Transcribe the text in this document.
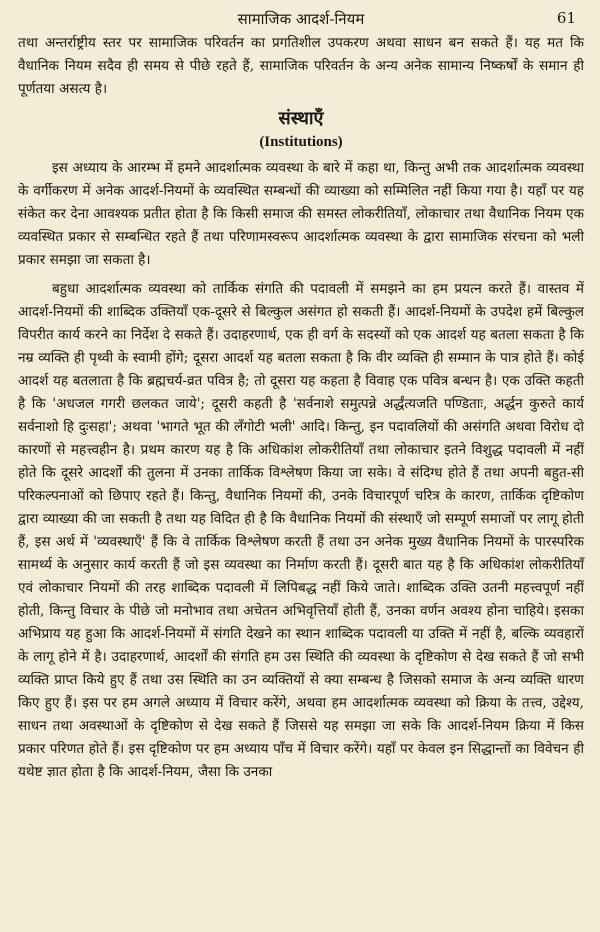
सामाजिक आदर्श-नियम	61

तथा अन्तर्राष्ट्रीय स्तर पर सामाजिक परिवर्तन का प्रगतिशील उपकरण अथवा साधन बन सकते हैं। यह मत कि वैधानिक नियम सदैव ही समय से पीछे रहते हैं, सामाजिक परिवर्तन के अन्य अनेक सामान्य निष्कर्षों के समान ही पूर्णतया असत्य है।

संस्थाएँ
(Institutions)

इस अध्याय के आरम्भ में हमने आदर्शात्मक व्यवस्था के बारे में कहा था, किन्तु अभी तक आदर्शात्मक व्यवस्था के वर्गीकरण में अनेक आदर्श-नियमों के व्यवस्थित सम्बन्धों की व्याख्या को सम्मिलित नहीं किया गया है। यहाँ पर यह संकेत कर देना आवश्यक प्रतीत होता है कि किसी समाज की समस्त लोकरीतियाँ, लोकाचार तथा वैधानिक नियम एक व्यवस्थित प्रकार से सम्बन्धित रहते हैं तथा परिणामस्वरूप आदर्शात्मक व्यवस्था के द्वारा सामाजिक संरचना को भली प्रकार समझा जा सकता है।

बहुधा आदर्शात्मक व्यवस्था को तार्किक संगति की पदावली में समझने का हम प्रयत्न करते हैं। वास्तव में आदर्श-नियमों की शाब्दिक उक्तियाँ एक-दूसरे से बिल्कुल असंगत हो सकती हैं। आदर्श-नियमों के उपदेश हमें बिल्कुल विपरीत कार्य करने का निर्देश दे सकते हैं। उदाहरणार्थ, एक ही वर्ग के सदस्यों को एक आदर्श यह बतला सकता है कि नम्र व्यक्ति ही पृथ्वी के स्वामी होंगे; दूसरा आदर्श यह बतला सकता है कि वीर व्यक्ति ही सम्मान के पात्र होते हैं। कोई आदर्श यह बतलाता है कि ब्रह्मचर्य-व्रत पवित्र है; तो दूसरा यह कहता है विवाह एक पवित्र बन्धन है। एक उक्ति कहती है कि 'अधजल गगरी छलकत जाये'; दूसरी कहती है 'सर्वनाशे समुत्पन्ने अर्द्धंत्यजति पण्डिताः, अर्द्धन कुरुते कार्य सर्वनाशो हि दुःसहा'; अथवा 'भागते भूत की लँगोटी भली' आदि। किन्तु, इन पदावलियों की असंगति अथवा विरोध दो कारणों से महत्त्वहीन है। प्रथम कारण यह है कि अधिकांश लोकरीतियाँ तथा लोकाचार इतने विशुद्ध पदावली में नहीं होते कि दूसरे आदर्शों की तुलना में उनका तार्किक विश्लेषण किया जा सके। वे संदिग्ध होते हैं तथा अपनी बहुत-सी परिकल्पनाओं को छिपाए रहते हैं। किन्तु, वैधानिक नियमों की, उनके विचारपूर्ण चरित्र के कारण, तार्किक दृष्टिकोण द्वारा व्याख्या की जा सकती है तथा यह विदित ही है कि वैधानिक नियमों की संस्थाएँ जो सम्पूर्ण समाजों पर लागू होती हैं, इस अर्थ में 'व्यवस्थाएँ' हैं कि वे तार्किक विश्लेषण करती हैं तथा उन अनेक मुख्य वैधानिक नियमों के पारस्परिक सामर्थ्य के अनुसार कार्य करती हैं जो इस व्यवस्था का निर्माण करती हैं। दूसरी बात यह है कि अधिकांश लोकरीतियाँ एवं लोकाचार नियमों की तरह शाब्दिक पदावली में लिपिबद्ध नहीं किये जाते। शाब्दिक उक्ति उतनी महत्त्वपूर्ण नहीं होती, किन्तु विचार के पीछे जो मनोभाव तथा अचेतन अभिवृत्तियाँ होती हैं, उनका वर्णन अवश्य होना चाहिये। इसका अभिप्राय यह हुआ कि आदर्श-नियमों में संगति देखने का स्थान शाब्दिक पदावली या उक्ति में नहीं है, बल्कि व्यवहारों के लागू होने में है। उदाहरणार्थ, आदर्शों की संगति हम उस स्थिति की व्यवस्था के दृष्टिकोण से देख सकते हैं जो सभी व्यक्ति प्राप्त किये हुए हैं तथा उस स्थिति का उन व्यक्तियों से क्या सम्बन्ध है जिसको समाज के अन्य व्यक्ति धारण किए हुए हैं। इस पर हम अगले अध्याय में विचार करेंगे, अथवा हम आदर्शात्मक व्यवस्था को क्रिया के तत्त्व, उद्देश्य, साधन तथा अवस्थाओं के दृष्टिकोण से देख सकते हैं जिससे यह समझा जा सके कि आदर्श-नियम क्रिया में किस प्रकार परिणत होते हैं। इस दृष्टिकोण पर हम अध्याय पाँच में विचार करेंगे। यहाँ पर केवल इन सिद्धान्तों का विवेचन ही यथेष्ट ज्ञात होता है कि आदर्श-नियम, जैसा कि उनका
